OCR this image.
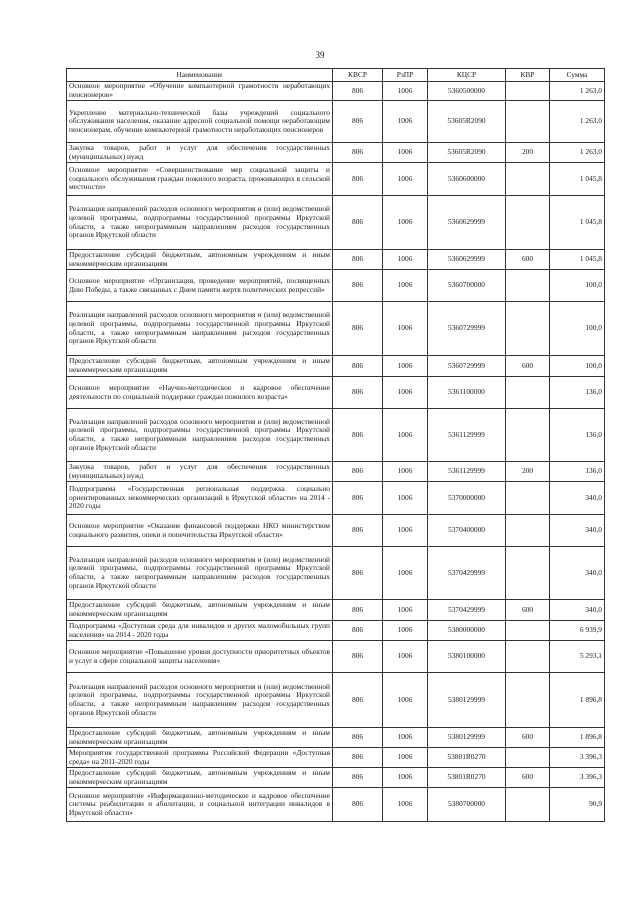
39
Наименование	КВСР	РзПР	КЦСР	КВР	Сумма
Основное мероприятие «Обучение компьютерной грамотности неработающих пенсионеров»	806	1006	5360500000		1 263,0
Укрепление материально-технической базы учреждений социального обслуживания населения, оказание адресной социальной помощи неработающим пенсионерам, обучение компьютерной грамотности неработающих пенсионеров	806	1006	53605R2090		1 263,0
Закупка товаров, работ и услуг для обеспечения государственных (муниципальных) нужд	806	1006	53605R2090	200	1 263,0
Основное мероприятие «Совершенствование мер социальной защиты и социального обслуживания граждан пожилого возраста, проживающих в сельской местности»	806	1006	5360600000		1 045,8
Реализация направлений расходов основного мероприятия и (или) ведомственной целевой программы, подпрограммы государственной программы Иркутской области, а также непрограммным направлениям расходов государственных органов Иркутской области	806	1006	5360629999		1 045,8
Предоставление субсидий бюджетным, автономным учреждениям и иным некоммерческим организациям	806	1006	5360629999	600	1 045,8
Основное мероприятие «Организация, проведение мероприятий, посвященных Дню Победы, а также связанных с Днем памяти жертв политических репрессий»	806	1006	5360700000		100,0
Реализация направлений расходов основного мероприятия и (или) ведомственной целевой программы, подпрограммы государственной программы Иркутской области, а также непрограммным направлениям расходов государственных органов Иркутской области	806	1006	5360729999		100,0
Предоставление субсидий бюджетным, автономным учреждениям и иным некоммерческим организациям	806	1006	5360729999	600	100,0
Основное мероприятие «Научно-методическое и кадровое обеспечение деятельности по социальной поддержке граждан пожилого возраста»	806	1006	5361100000		136,0
Реализация направлений расходов основного мероприятия и (или) ведомственной целевой программы, подпрограммы государственной программы Иркутской области, а также непрограммным направлениям расходов государственных органов Иркутской области	806	1006	5361129999		136,0
Закупка товаров, работ и услуг для обеспечения государственных (муниципальных) нужд	806	1006	5361129999	200	136,0
Подпрограмма «Государственная региональная поддержка социально ориентированных некоммерческих организаций в Иркутской области» на 2014 - 2020 годы	806	1006	5370000000		340,0
Основное мероприятие «Оказание финансовой поддержки НКО министерством социального развития, опеки и попечительства Иркутской области»	806	1006	5370400000		340,0
Реализация направлений расходов основного мероприятия и (или) ведомственной целевой программы, подпрограммы государственной программы Иркутской области, а также непрограммным направлениям расходов государственных органов Иркутской области	806	1006	5370429999		340,0
Предоставление субсидий бюджетным, автономным учреждениям и иным некоммерческим организациям	806	1006	5370429999	600	340,0
Подпрограмма «Доступная среда для инвалидов и других маломобильных групп населения» на 2014 - 2020 годы	806	1006	5380000000		6 939,9
Основное мероприятие «Повышение уровня доступности приоритетных объектов и услуг в сфере социальной защиты населения»	806	1006	5380100000		5 293,1
Реализация направлений расходов основного мероприятия и (или) ведомственной целевой программы, подпрограммы государственной программы Иркутской области, а также непрограммным направлениям расходов государственных органов Иркутской области	806	1006	5380129999		1 896,8
Предоставление субсидий бюджетным, автономным учреждениям и иным некоммерческим организациям	806	1006	5380129999	600	1 896,8
Мероприятия государственной программы Российской Федерации «Доступная среда» на 2011-2020 годы	806	1006	53801R0270		3 396,3
Предоставление субсидий бюджетным, автономным учреждениям и иным некоммерческим организациям	806	1006	53801R0270	600	3 396,3
Основное мероприятие «Информационно-методическое и кадровое обеспечение системы реабилитации и абилитации, и социальной интеграции инвалидов в Иркутской области»	806	1006	5380700000		90,9
